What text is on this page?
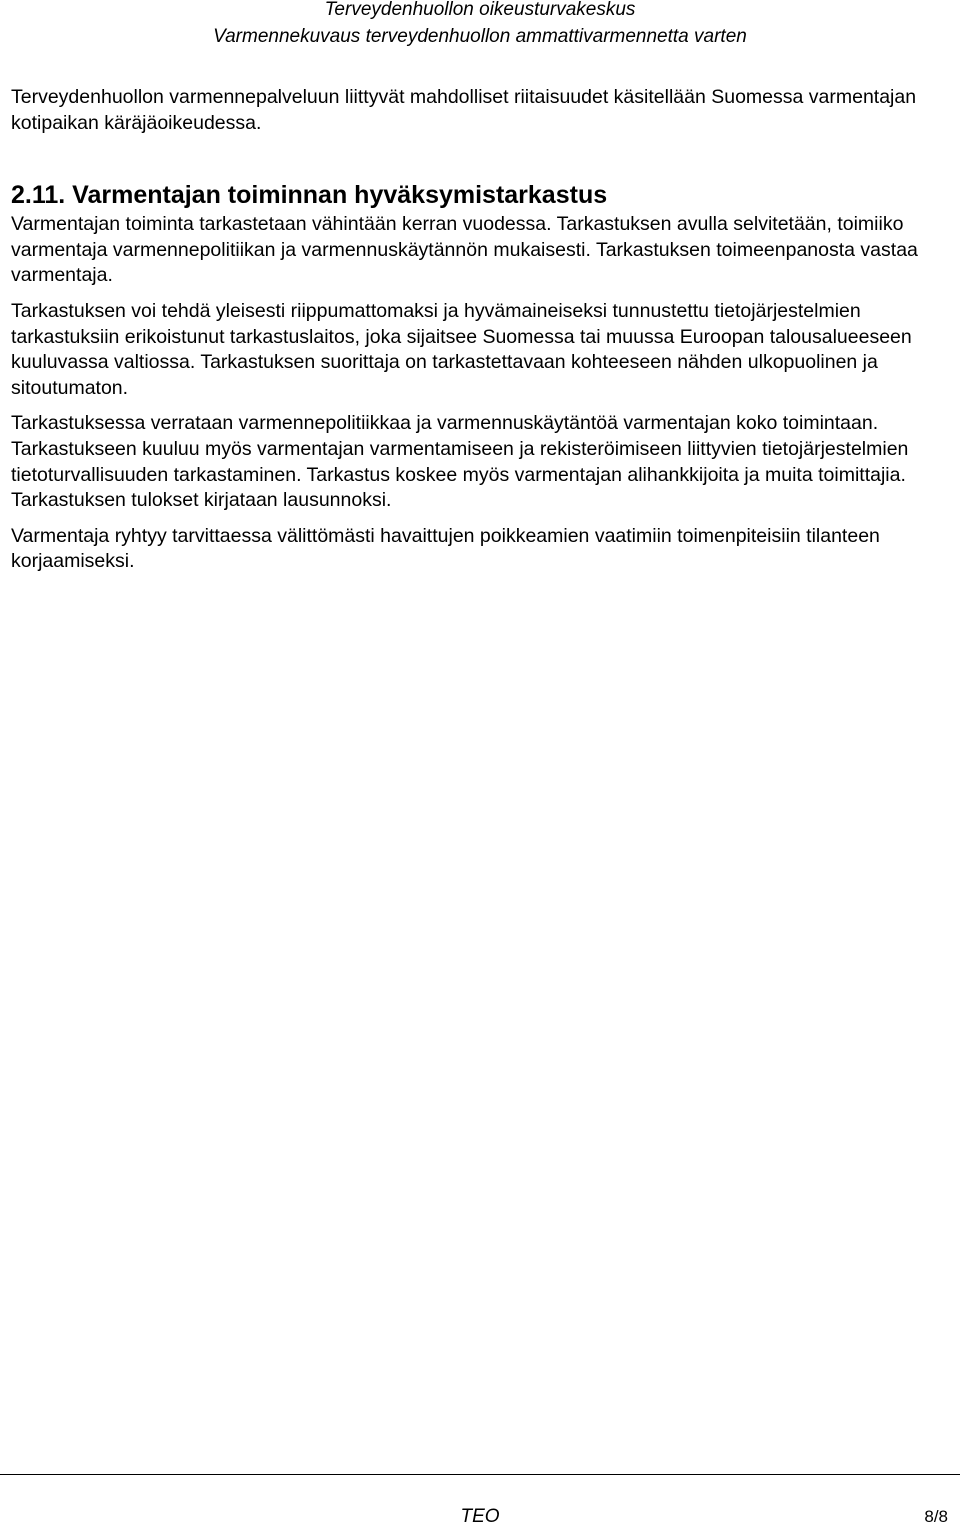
Terveydenhuollon oikeusturvakeskus
Varmennekuvaus terveydenhuollon ammattivarmennetta varten

Terveydenhuollon varmennepalveluun liittyvät mahdolliset riitaisuudet käsitellään Suomessa varmentajan kotipaikan käräjäoikeudessa.

2.11. Varmentajan toiminnan hyväksymistarkastus

Varmentajan toiminta tarkastetaan vähintään kerran vuodessa. Tarkastuksen avulla selvitetään, toimiiko varmentaja varmennepolitiikan ja varmennuskäytännön mukaisesti. Tarkastuksen toimeenpanosta vastaa varmentaja.

Tarkastuksen voi tehdä yleisesti riippumattomaksi ja hyvämaineiseksi tunnustettu tietojärjestelmien tarkastuksiin erikoistunut tarkastuslaitos, joka sijaitsee Suomessa tai muussa Euroopan talousalueeseen kuuluvassa valtiossa. Tarkastuksen suorittaja on tarkastettavaan kohteeseen nähden ulkopuolinen ja sitoutumaton.

Tarkastuksessa verrataan varmennepolitiikkaa ja varmennuskäytäntöä varmentajan koko toimintaan. Tarkastukseen kuuluu myös varmentajan varmentamiseen ja rekisteröimiseen liittyvien tietojärjestelmien tietoturvallisuuden tarkastaminen. Tarkastus koskee myös varmentajan alihankkijoita ja muita toimittajia. Tarkastuksen tulokset kirjataan lausunnoksi.

Varmentaja ryhtyy tarvittaessa välittömästi havaittujen poikkeamien vaatimiin toimenpiteisiin tilanteen korjaamiseksi.

TEO	8/8
